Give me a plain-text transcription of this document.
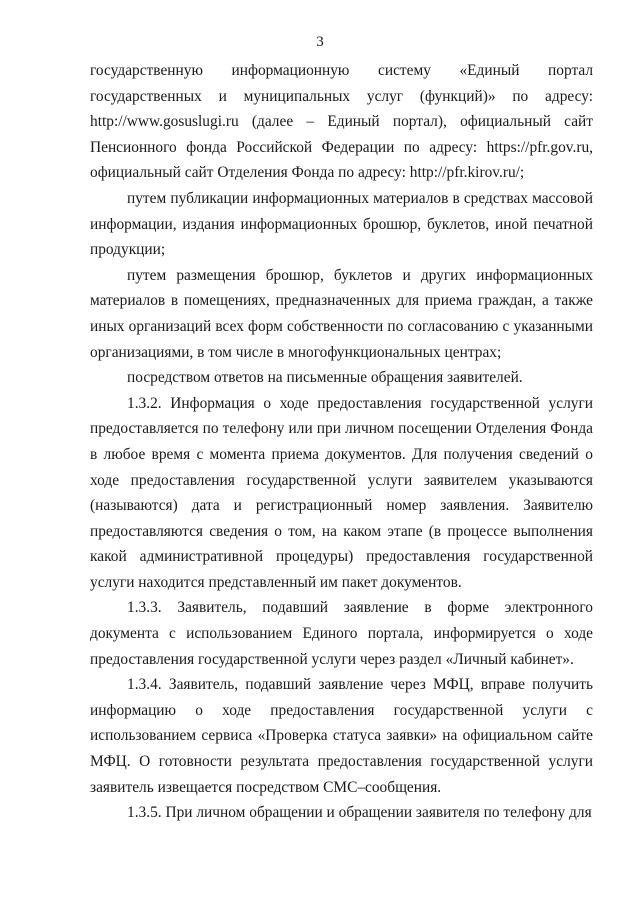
3

государственную информационную систему «Единый портал государственных и муниципальных услуг (функций)» по адресу: http://www.gosuslugi.ru (далее – Единый портал), официальный сайт Пенсионного фонда Российской Федерации по адресу: https://pfr.gov.ru, официальный сайт Отделения Фонда по адресу: http://pfr.kirov.ru/;

путем публикации информационных материалов в средствах массовой информации, издания информационных брошюр, буклетов, иной печатной продукции;

путем размещения брошюр, буклетов и других информационных материалов в помещениях, предназначенных для приема граждан, а также иных организаций всех форм собственности по согласованию с указанными организациями, в том числе в многофункциональных центрах;

посредством ответов на письменные обращения заявителей.

1.3.2. Информация о ходе предоставления государственной услуги предоставляется по телефону или при личном посещении Отделения Фонда в любое время с момента приема документов. Для получения сведений о ходе предоставления государственной услуги заявителем указываются (называются) дата и регистрационный номер заявления. Заявителю предоставляются сведения о том, на каком этапе (в процессе выполнения какой административной процедуры) предоставления государственной услуги находится представленный им пакет документов.

1.3.3. Заявитель, подавший заявление в форме электронного документа с использованием Единого портала, информируется о ходе предоставления государственной услуги через раздел «Личный кабинет».

1.3.4. Заявитель, подавший заявление через МФЦ, вправе получить информацию о ходе предоставления государственной услуги с использованием сервиса «Проверка статуса заявки» на официальном сайте МФЦ. О готовности результата предоставления государственной услуги заявитель извещается посредством СМС–сообщения.

1.3.5. При личном обращении и обращении заявителя по телефону для
